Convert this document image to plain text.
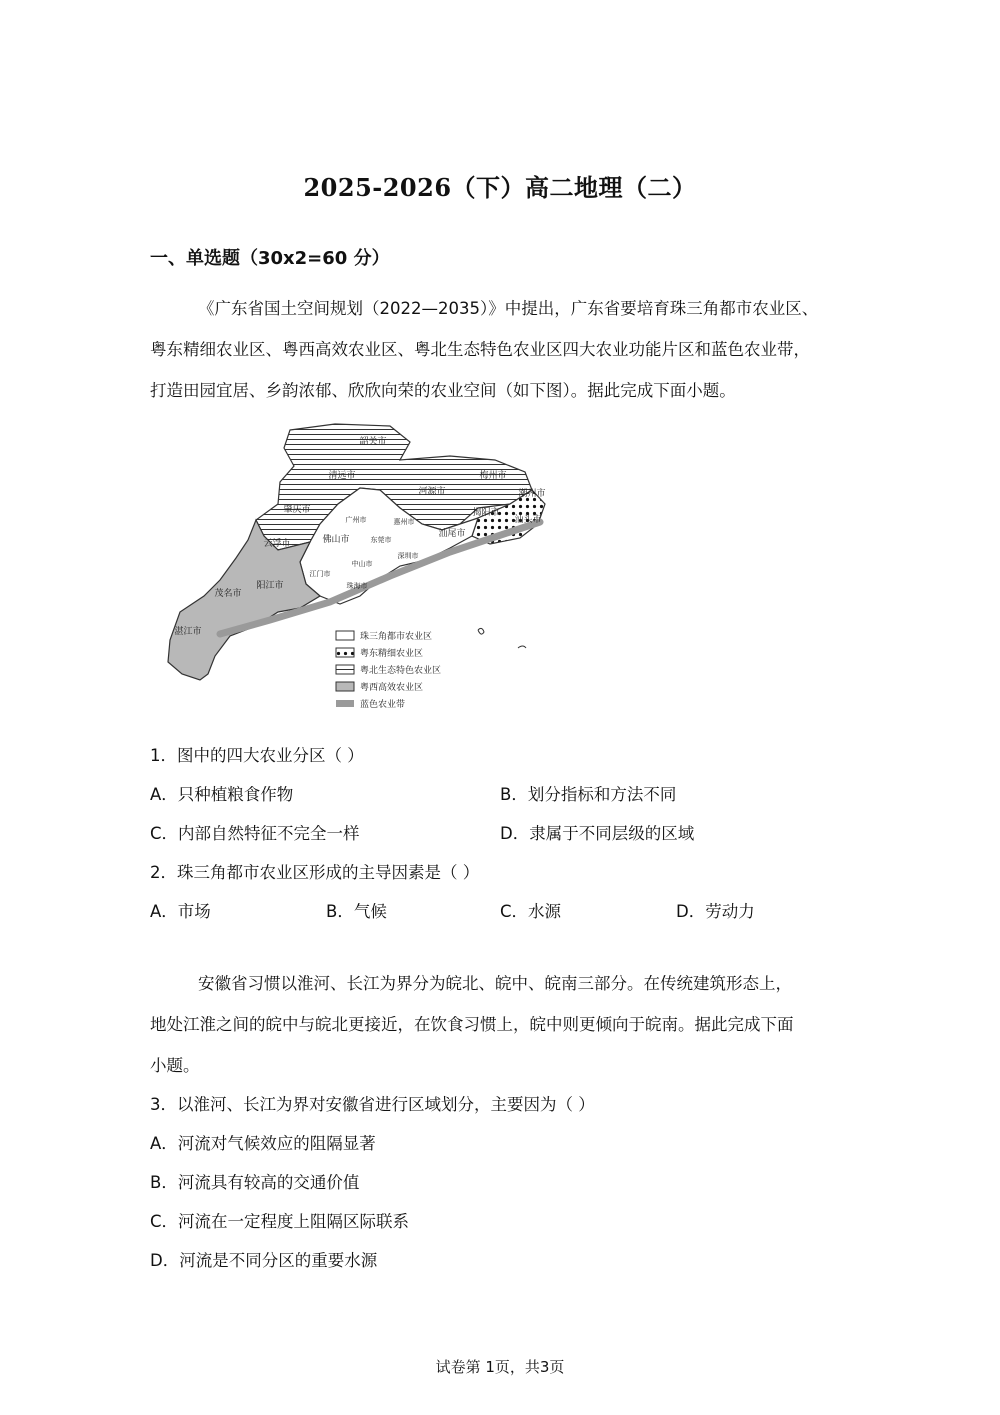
2025-2026（下）高二地理（二）
一、单选题（30x2=60 分）
《广东省国土空间规划（2022—2035）》中提出，广东省要培育珠三角都市农业区、
粤东精细农业区、粤西高效农业区、粤北生态特色农业区四大农业功能片区和蓝色农业带，
打造田园宜居、乡韵浓郁、欣欣向荣的农业空间（如下图）。据此完成下面小题。
韶关市
清远市
河源市
梅州市
潮州市
揭阳市
汕头市
汕尾市
肇庆市
广州市	惠州市
云浮市	佛山市	东莞市
深圳市
中山市
江门市
珠海市
阳江市
茂名市
湛江市	珠三角都市农业区
粤东精细农业区
粤北生态特色农业区
粤西高效农业区
蓝色农业带
1．图中的四大农业分区（ ）
A．只种植粮食作物	B．划分指标和方法不同
C．内部自然特征不完全一样	D．隶属于不同层级的区域
2．珠三角都市农业区形成的主导因素是（ ）
A．市场	B．气候	C．水源	D．劳动力
安徽省习惯以淮河、长江为界分为皖北、皖中、皖南三部分。在传统建筑形态上，
地处江淮之间的皖中与皖北更接近，在饮食习惯上，皖中则更倾向于皖南。据此完成下面
小题。
3．以淮河、长江为界对安徽省进行区域划分，主要因为（ ）
A．河流对气候效应的阻隔显著
B．河流具有较高的交通价值
C．河流在一定程度上阻隔区际联系
D．河流是不同分区的重要水源
试卷第 1页，共3页
